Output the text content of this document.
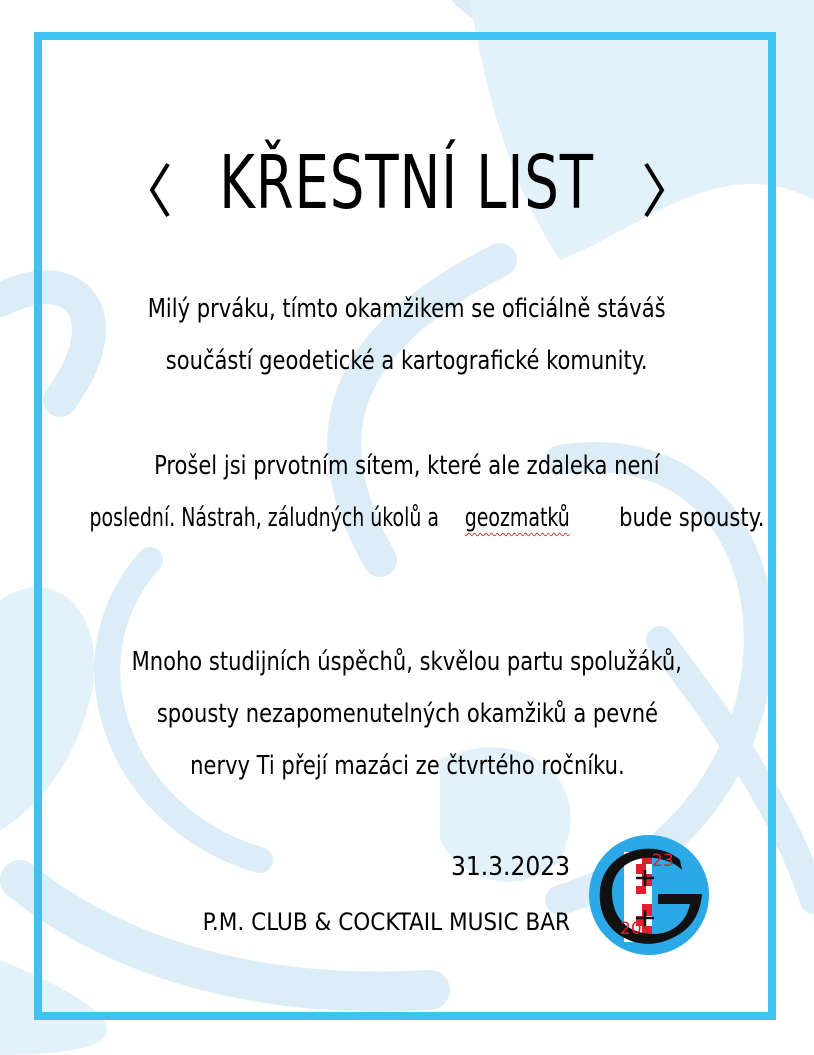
KŘESTNÍ LIST
Milý prváku, tímto okamžikem se oficiálně stáváš součástí geodetické a kartografické komunity.
Prošel jsi prvotním sítem, které ale zdaleka není poslední. Nástrah, záludných úkolů ageozmatků bude spousty.
Mnoho studijních úspěchů, skvělou partu spolužáků, spousty nezapomenutelných okamžiků a pevné nervy Ti přejí mazáci ze čtvrtého ročníku.
31.3.2023
P.M. CLUB & COCKTAIL MUSIC BAR
23
20
